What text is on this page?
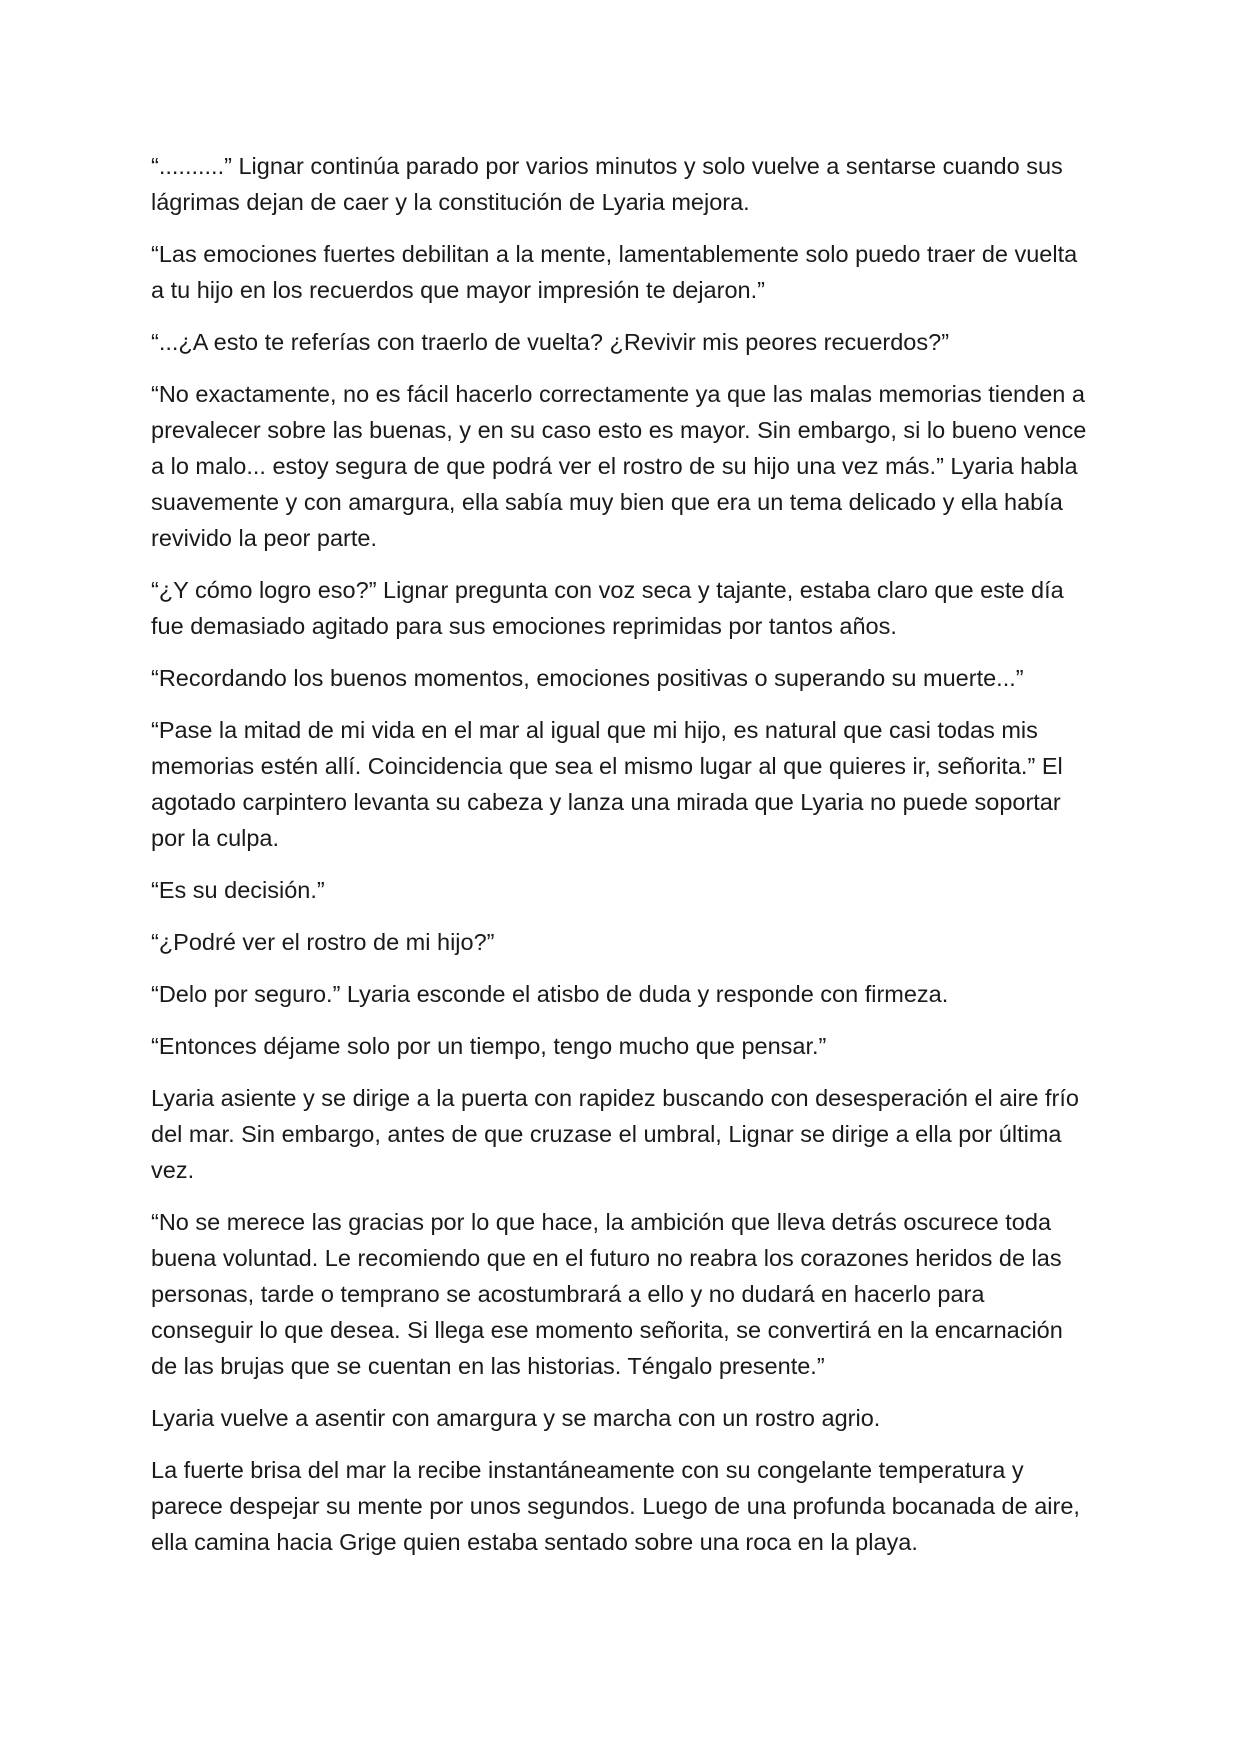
“..........” Lignar continúa parado por varios minutos y solo vuelve a sentarse cuando sus lágrimas dejan de caer y la constitución de Lyaria mejora.

“Las emociones fuertes debilitan a la mente, lamentablemente solo puedo traer de vuelta a tu hijo en los recuerdos que mayor impresión te dejaron.”

“...¿A esto te referías con traerlo de vuelta? ¿Revivir mis peores recuerdos?”

“No exactamente, no es fácil hacerlo correctamente ya que las malas memorias tienden a prevalecer sobre las buenas, y en su caso esto es mayor. Sin embargo, si lo bueno vence a lo malo... estoy segura de que podrá ver el rostro de su hijo una vez más.” Lyaria habla suavemente y con amargura, ella sabía muy bien que era un tema delicado y ella había revivido la peor parte.

“¿Y cómo logro eso?” Lignar pregunta con voz seca y tajante, estaba claro que este día fue demasiado agitado para sus emociones reprimidas por tantos años.

“Recordando los buenos momentos, emociones positivas o superando su muerte...”

“Pase la mitad de mi vida en el mar al igual que mi hijo, es natural que casi todas mis memorias estén allí. Coincidencia que sea el mismo lugar al que quieres ir, señorita.” El agotado carpintero levanta su cabeza y lanza una mirada que Lyaria no puede soportar por la culpa.

“Es su decisión.”

“¿Podré ver el rostro de mi hijo?”

“Delo por seguro.” Lyaria esconde el atisbo de duda y responde con firmeza.

“Entonces déjame solo por un tiempo, tengo mucho que pensar.”

Lyaria asiente y se dirige a la puerta con rapidez buscando con desesperación el aire frío del mar. Sin embargo, antes de que cruzase el umbral, Lignar se dirige a ella por última vez.

“No se merece las gracias por lo que hace, la ambición que lleva detrás oscurece toda buena voluntad. Le recomiendo que en el futuro no reabra los corazones heridos de las personas, tarde o temprano se acostumbrará a ello y no dudará en hacerlo para conseguir lo que desea. Si llega ese momento señorita, se convertirá en la encarnación de las brujas que se cuentan en las historias. Téngalo presente.”

Lyaria vuelve a asentir con amargura y se marcha con un rostro agrio.

La fuerte brisa del mar la recibe instantáneamente con su congelante temperatura y parece despejar su mente por unos segundos. Luego de una profunda bocanada de aire, ella camina hacia Grige quien estaba sentado sobre una roca en la playa.
